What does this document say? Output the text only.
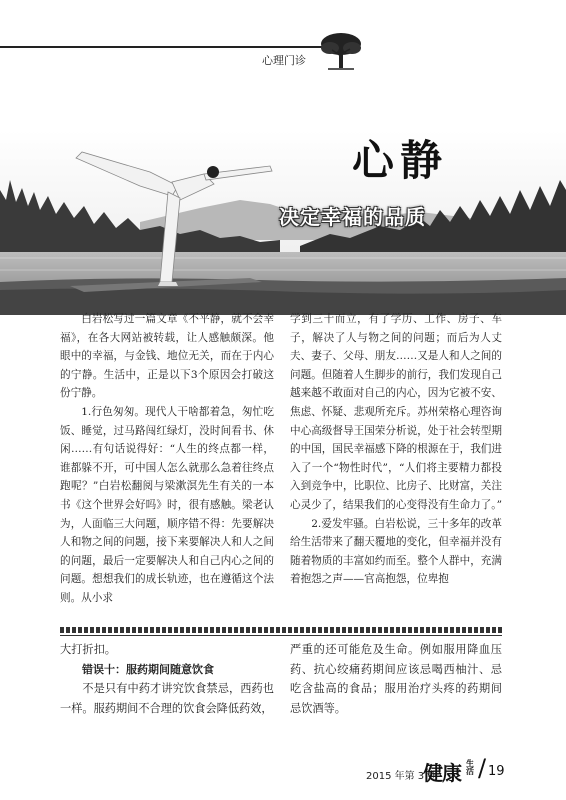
心理门诊
心静
决定幸福的品质

白岩松写过一篇文章《不平静，就不会幸福》，在各大网站被转载，让人感触颇深。他眼中的幸福，与金钱、地位无关，而在于内心的宁静。生活中，正是以下3个原因会打破这份宁静。

1.行色匆匆。现代人干啥都着急，匆忙吃饭、睡觉，过马路闯红绿灯，没时间看书、休闲……有句话说得好：“人生的终点都一样，谁都躲不开，可中国人怎么就那么急着往终点跑呢？”白岩松翻阅与梁漱溟先生有关的一本书《这个世界会好吗》时，很有感触。梁老认为，人面临三大问题，顺序错不得：先要解决人和物之间的问题，接下来要解决人和人之间的问题，最后一定要解决人和自己内心之间的问题。想想我们的成长轨迹，也在遵循这个法则。从小求

学到三十而立，有了学历、工作、房子、车子，解决了人与物之间的问题；而后为人丈夫、妻子、父母、朋友……又是人和人之间的问题。但随着人生脚步的前行，我们发现自己越来越不敢面对自己的内心，因为它被不安、焦虑、怀疑、悲观所充斥。苏州荣格心理咨询中心高级督导王国荣分析说，处于社会转型期的中国，国民幸福感下降的根源在于，我们进入了一个“物性时代”，“人们将主要精力都投入到竞争中，比职位、比房子、比财富，关注心灵少了，结果我们的心变得没有生命力了。”

2.爱发牢骚。白岩松说，三十多年的改革给生活带来了翻天覆地的变化，但幸福并没有随着物质的丰富如约而至。整个人群中，充满着抱怨之声——官高抱怨，位卑抱

大打折扣。

错误十：服药期间随意饮食

不是只有中药才讲究饮食禁忌，西药也一样。服药期间不合理的饮食会降低药效，

严重的还可能危及生命。例如服用降血压药、抗心绞痛药期间应该忌喝西柚汁、忌吃含盐高的食品；服用治疗头疼的药期间忌饮酒等。

2015 年第 3 期
健康 生活 / 19
